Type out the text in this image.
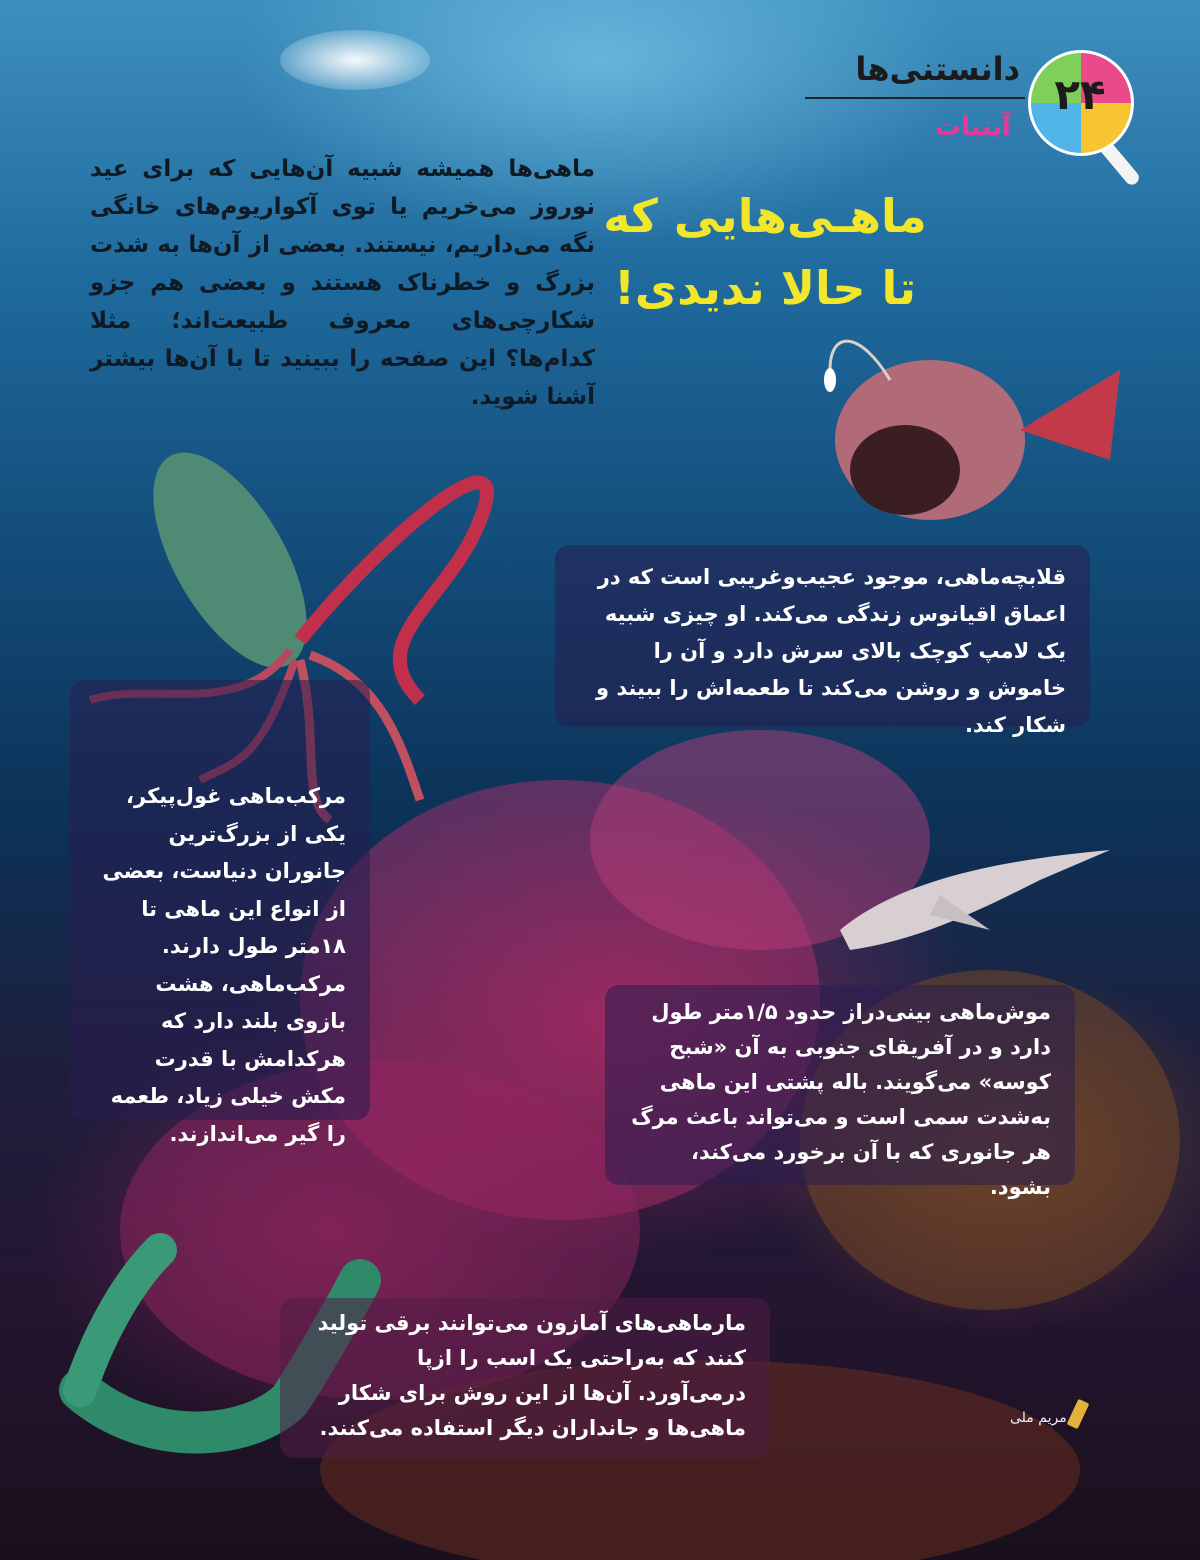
دانستنی‌ها
۲۴
آبنبات
ماهـی‌هایی که
تا حالا ندیدی!
ماهی‌ها همیشه شبیه آن‌هایی که برای عید نوروز می‌خریم یا توی آکواریوم‌های خانگی نگه می‌داریم، نیستند. بعضی از آن‌ها به شدت بزرگ و خطرناک هستند و بعضی هم جزو شکارچی‌های معروف طبیعت‌اند؛ مثلا کدام‌ها؟ این صفحه را ببینید تا با آن‌ها بیشتر آشنا شوید.
قلابچه‌ماهی، موجود عجیب‌وغریبی است که در اعماق اقیانوس زندگی می‌کند. او چیزی شبیه یک لامپ کوچک بالای سرش دارد و آن را خاموش و روشن می‌کند تا طعمه‌اش را ببیند و شکار کند.
مرکب‌ماهی غول‌پیکر، یکی از بزرگ‌ترین جانوران دنیاست، بعضی از انواع این ماهی تا ۱۸متر طول دارند. مرکب‌ماهی، هشت بازوی بلند دارد که هرکدامش با قدرت مکش خیلی زیاد، طعمه را گیر می‌اندازند.
موش‌ماهی بینی‌دراز حدود ۱/۵متر طول دارد و در آفریقای جنوبی به آن «شبح کوسه» می‌گویند. باله پشتی این ماهی به‌شدت سمی است و می‌تواند باعث مرگ هر جانوری که با آن برخورد می‌کند، بشود.
مارماهی‌های آمازون می‌توانند برقی تولید کنند که به‌راحتی یک اسب را از‌پا درمی‌آورد. آن‌ها از این روش برای شکار ماهی‌ها و جانداران دیگر استفاده می‌کنند.	مریم ملی
